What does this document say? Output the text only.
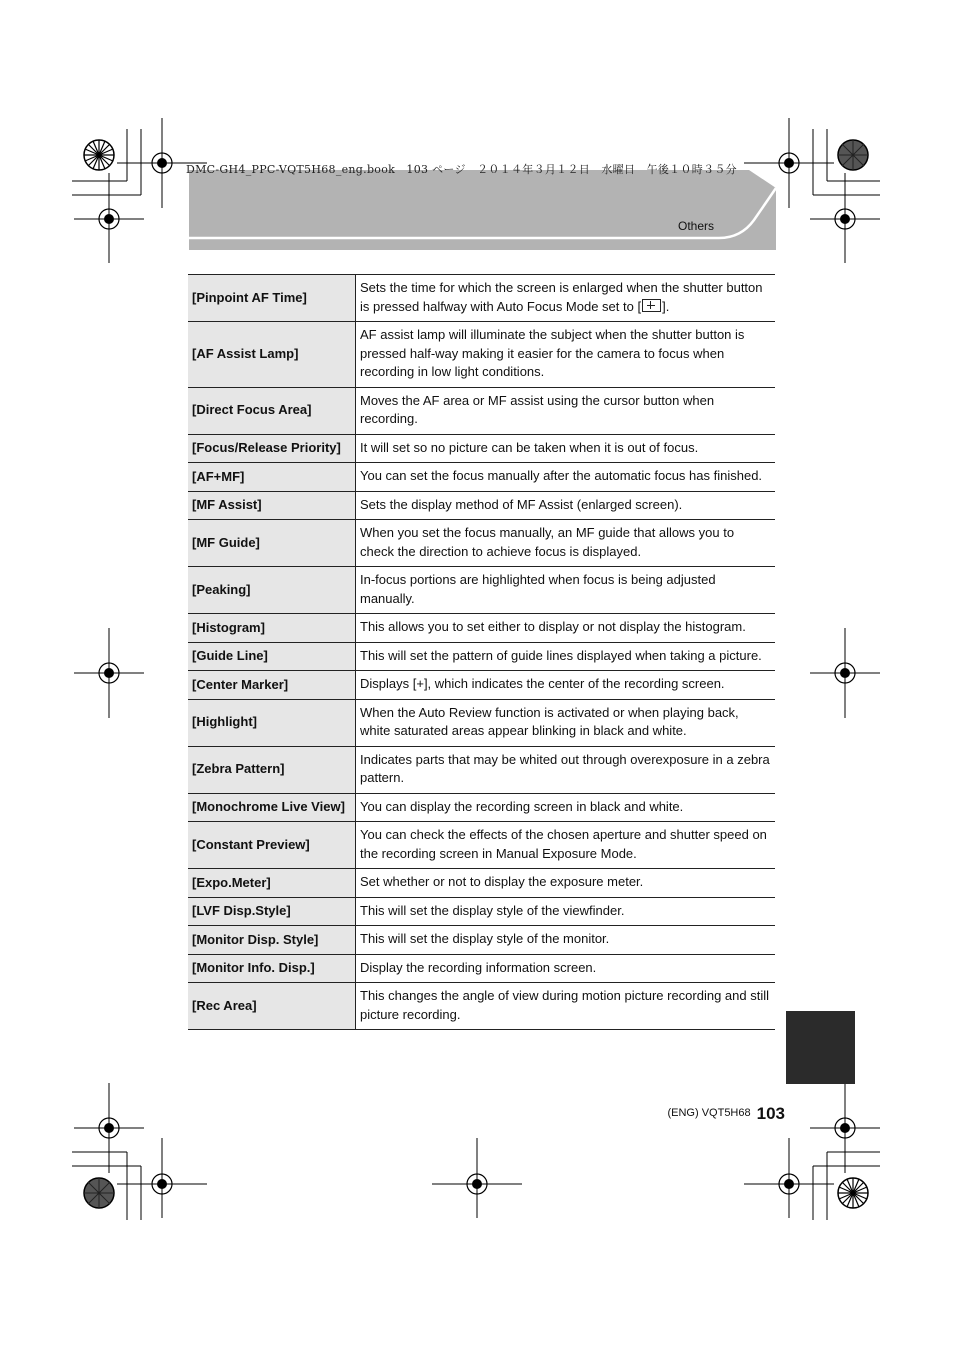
DMC-GH4_PPC-VQT5H68_eng.book　103 ページ　２０１４年３月１２日　水曜日　午後１０時３５分
Others
[Pinpoint AF Time]	Sets the time for which the screen is enlarged when the shutter button is pressed halfway with Auto Focus Mode set to [ ].
[AF Assist Lamp]	AF assist lamp will illuminate the subject when the shutter button is pressed half-way making it easier for the camera to focus when recording in low light conditions.
[Direct Focus Area]	Moves the AF area or MF assist using the cursor button when recording.
[Focus/Release Priority]	It will set so no picture can be taken when it is out of focus.
[AF+MF]	You can set the focus manually after the automatic focus has finished.
[MF Assist]	Sets the display method of MF Assist (enlarged screen).
[MF Guide]	When you set the focus manually, an MF guide that allows you to check the direction to achieve focus is displayed.
[Peaking]	In-focus portions are highlighted when focus is being adjusted manually.
[Histogram]	This allows you to set either to display or not display the histogram.
[Guide Line]	This will set the pattern of guide lines displayed when taking a picture.
[Center Marker]	Displays [+], which indicates the center of the recording screen.
[Highlight]	When the Auto Review function is activated or when playing back, white saturated areas appear blinking in black and white.
[Zebra Pattern]	Indicates parts that may be whited out through overexposure in a zebra pattern.
[Monochrome Live View]	You can display the recording screen in black and white.
[Constant Preview]	You can check the effects of the chosen aperture and shutter speed on the recording screen in Manual Exposure Mode.
[Expo.Meter]	Set whether or not to display the exposure meter.
[LVF Disp.Style]	This will set the display style of the viewfinder.
[Monitor Disp. Style]	This will set the display style of the monitor.
[Monitor Info. Disp.]	Display the recording information screen.
[Rec Area]	This changes the angle of view during motion picture recording and still picture recording.
(ENG) VQT5H68 103
